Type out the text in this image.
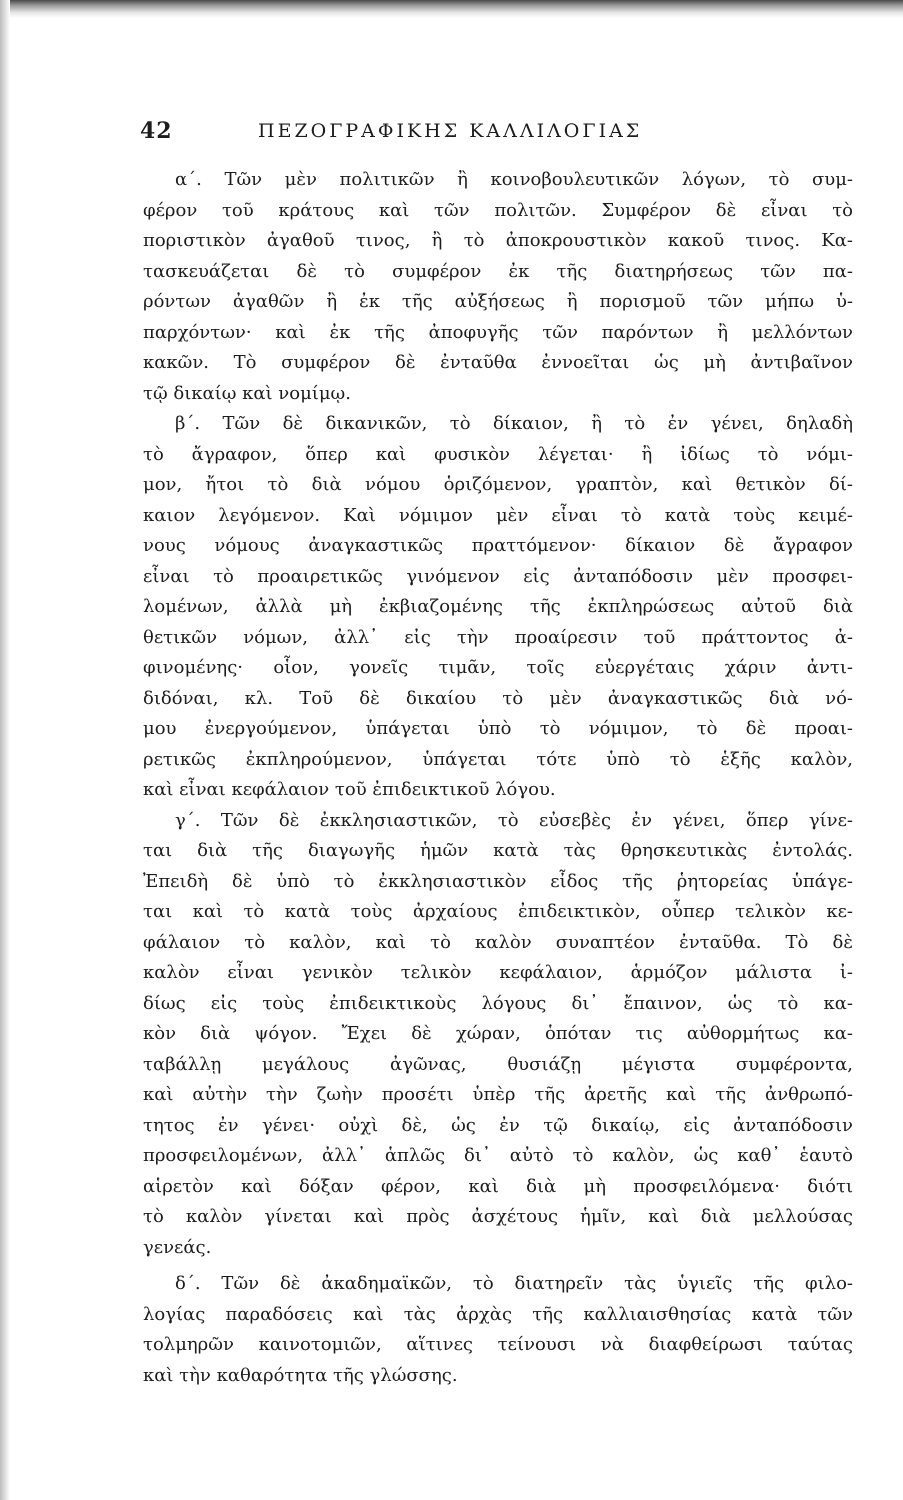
42	ΠΕΖΟΓΡΑΦΙΚΗΣ ΚΑΛΛΙΛΟΓΙΑΣ
α΄. Τῶν μὲν πολιτικῶν ἢ κοινοβουλευτικῶν λόγων, τὸ συμ-
φέρον τοῦ κράτους καὶ τῶν πολιτῶν. Συμφέρον δὲ εἶναι τὸ
ποριστικὸν ἀγαθοῦ τινος, ἢ τὸ ἀποκρουστικὸν κακοῦ τινος. Κα-
τασκευάζεται δὲ τὸ συμφέρον ἐκ τῆς διατηρήσεως τῶν πα-
ρόντων ἀγαθῶν ἢ ἐκ τῆς αὐξήσεως ἢ πορισμοῦ τῶν μήπω ὑ-
παρχόντων· καὶ ἐκ τῆς ἀποφυγῆς τῶν παρόντων ἢ μελλόντων
κακῶν. Τὸ συμφέρον δὲ ἐνταῦθα ἐννοεῖται ὡς μὴ ἀντιβαῖνον
τῷ δικαίῳ καὶ νομίμῳ.
β΄. Τῶν δὲ δικανικῶν, τὸ δίκαιον, ἢ τὸ ἐν γένει, δηλαδὴ
τὸ ἄγραφον, ὅπερ καὶ φυσικὸν λέγεται· ἢ ἰδίως τὸ νόμι-
μον, ἤτοι τὸ διὰ νόμου ὁριζόμενον, γραπτὸν, καὶ θετικὸν δί-
καιον λεγόμενον. Καὶ νόμιμον μὲν εἶναι τὸ κατὰ τοὺς κειμέ-
νους νόμους ἀναγκαστικῶς πραττόμενον· δίκαιον δὲ ἄγραφον
εἶναι τὸ προαιρετικῶς γινόμενον εἰς ἀνταπόδοσιν μὲν προσφει-
λομένων, ἀλλὰ μὴ ἐκβιαζομένης τῆς ἐκπληρώσεως αὐτοῦ διὰ
θετικῶν νόμων, ἀλλ᾽ εἰς τὴν προαίρεσιν τοῦ πράττοντος ἀ-
φινομένης· οἷον, γονεῖς τιμᾶν, τοῖς εὐεργέταις χάριν ἀντι-
διδόναι, κλ. Τοῦ δὲ δικαίου τὸ μὲν ἀναγκαστικῶς διὰ νό-
μου ἐνεργούμενον, ὑπάγεται ὑπὸ τὸ νόμιμον, τὸ δὲ προαι-
ρετικῶς ἐκπληρούμενον, ὑπάγεται τότε ὑπὸ τὸ ἑξῆς καλὸν,
καὶ εἶναι κεφάλαιον τοῦ ἐπιδεικτικοῦ λόγου.
γ΄. Τῶν δὲ ἐκκλησιαστικῶν, τὸ εὐσεβὲς ἐν γένει, ὅπερ γίνε-
ται διὰ τῆς διαγωγῆς ἡμῶν κατὰ τὰς θρησκευτικὰς ἐντολάς.
Ἐπειδὴ δὲ ὑπὸ τὸ ἐκκλησιαστικὸν εἶδος τῆς ῥητορείας ὑπάγε-
ται καὶ τὸ κατὰ τοὺς ἀρχαίους ἐπιδεικτικὸν, οὗπερ τελικὸν κε-
φάλαιον τὸ καλὸν, καὶ τὸ καλὸν συναπτέον ἐνταῦθα. Τὸ δὲ
καλὸν εἶναι γενικὸν τελικὸν κεφάλαιον, ἁρμόζον μάλιστα ἰ-
δίως εἰς τοὺς ἐπιδεικτικοὺς λόγους δι᾽ ἔπαινον, ὡς τὸ κα-
κὸν διὰ ψόγον. Ἔχει δὲ χώραν, ὁπόταν τις αὐθορμήτως κα-
ταβάλλῃ μεγάλους ἀγῶνας, θυσιάζῃ μέγιστα συμφέροντα,
καὶ αὐτὴν τὴν ζωὴν προσέτι ὑπὲρ τῆς ἀρετῆς καὶ τῆς ἀνθρωπό-
τητος ἐν γένει· οὐχὶ δὲ, ὡς ἐν τῷ δικαίῳ, εἰς ἀνταπόδοσιν
προσφειλομένων, ἀλλ᾽ ἁπλῶς δι᾽ αὐτὸ τὸ καλὸν, ὡς καθ᾽ ἑαυτὸ
αἱρετὸν καὶ δόξαν φέρον, καὶ διὰ μὴ προσφειλόμενα· διότι
τὸ καλὸν γίνεται καὶ πρὸς ἀσχέτους ἡμῖν, καὶ διὰ μελλούσας
γενεάς.
δ΄. Τῶν δὲ ἀκαδημαϊκῶν, τὸ διατηρεῖν τὰς ὑγιεῖς τῆς φιλο-
λογίας παραδόσεις καὶ τὰς ἀρχὰς τῆς καλλιαισθησίας κατὰ τῶν
τολμηρῶν καινοτομιῶν, αἵτινες τείνουσι νὰ διαφθείρωσι ταύτας
καὶ τὴν καθαρότητα τῆς γλώσσης.
